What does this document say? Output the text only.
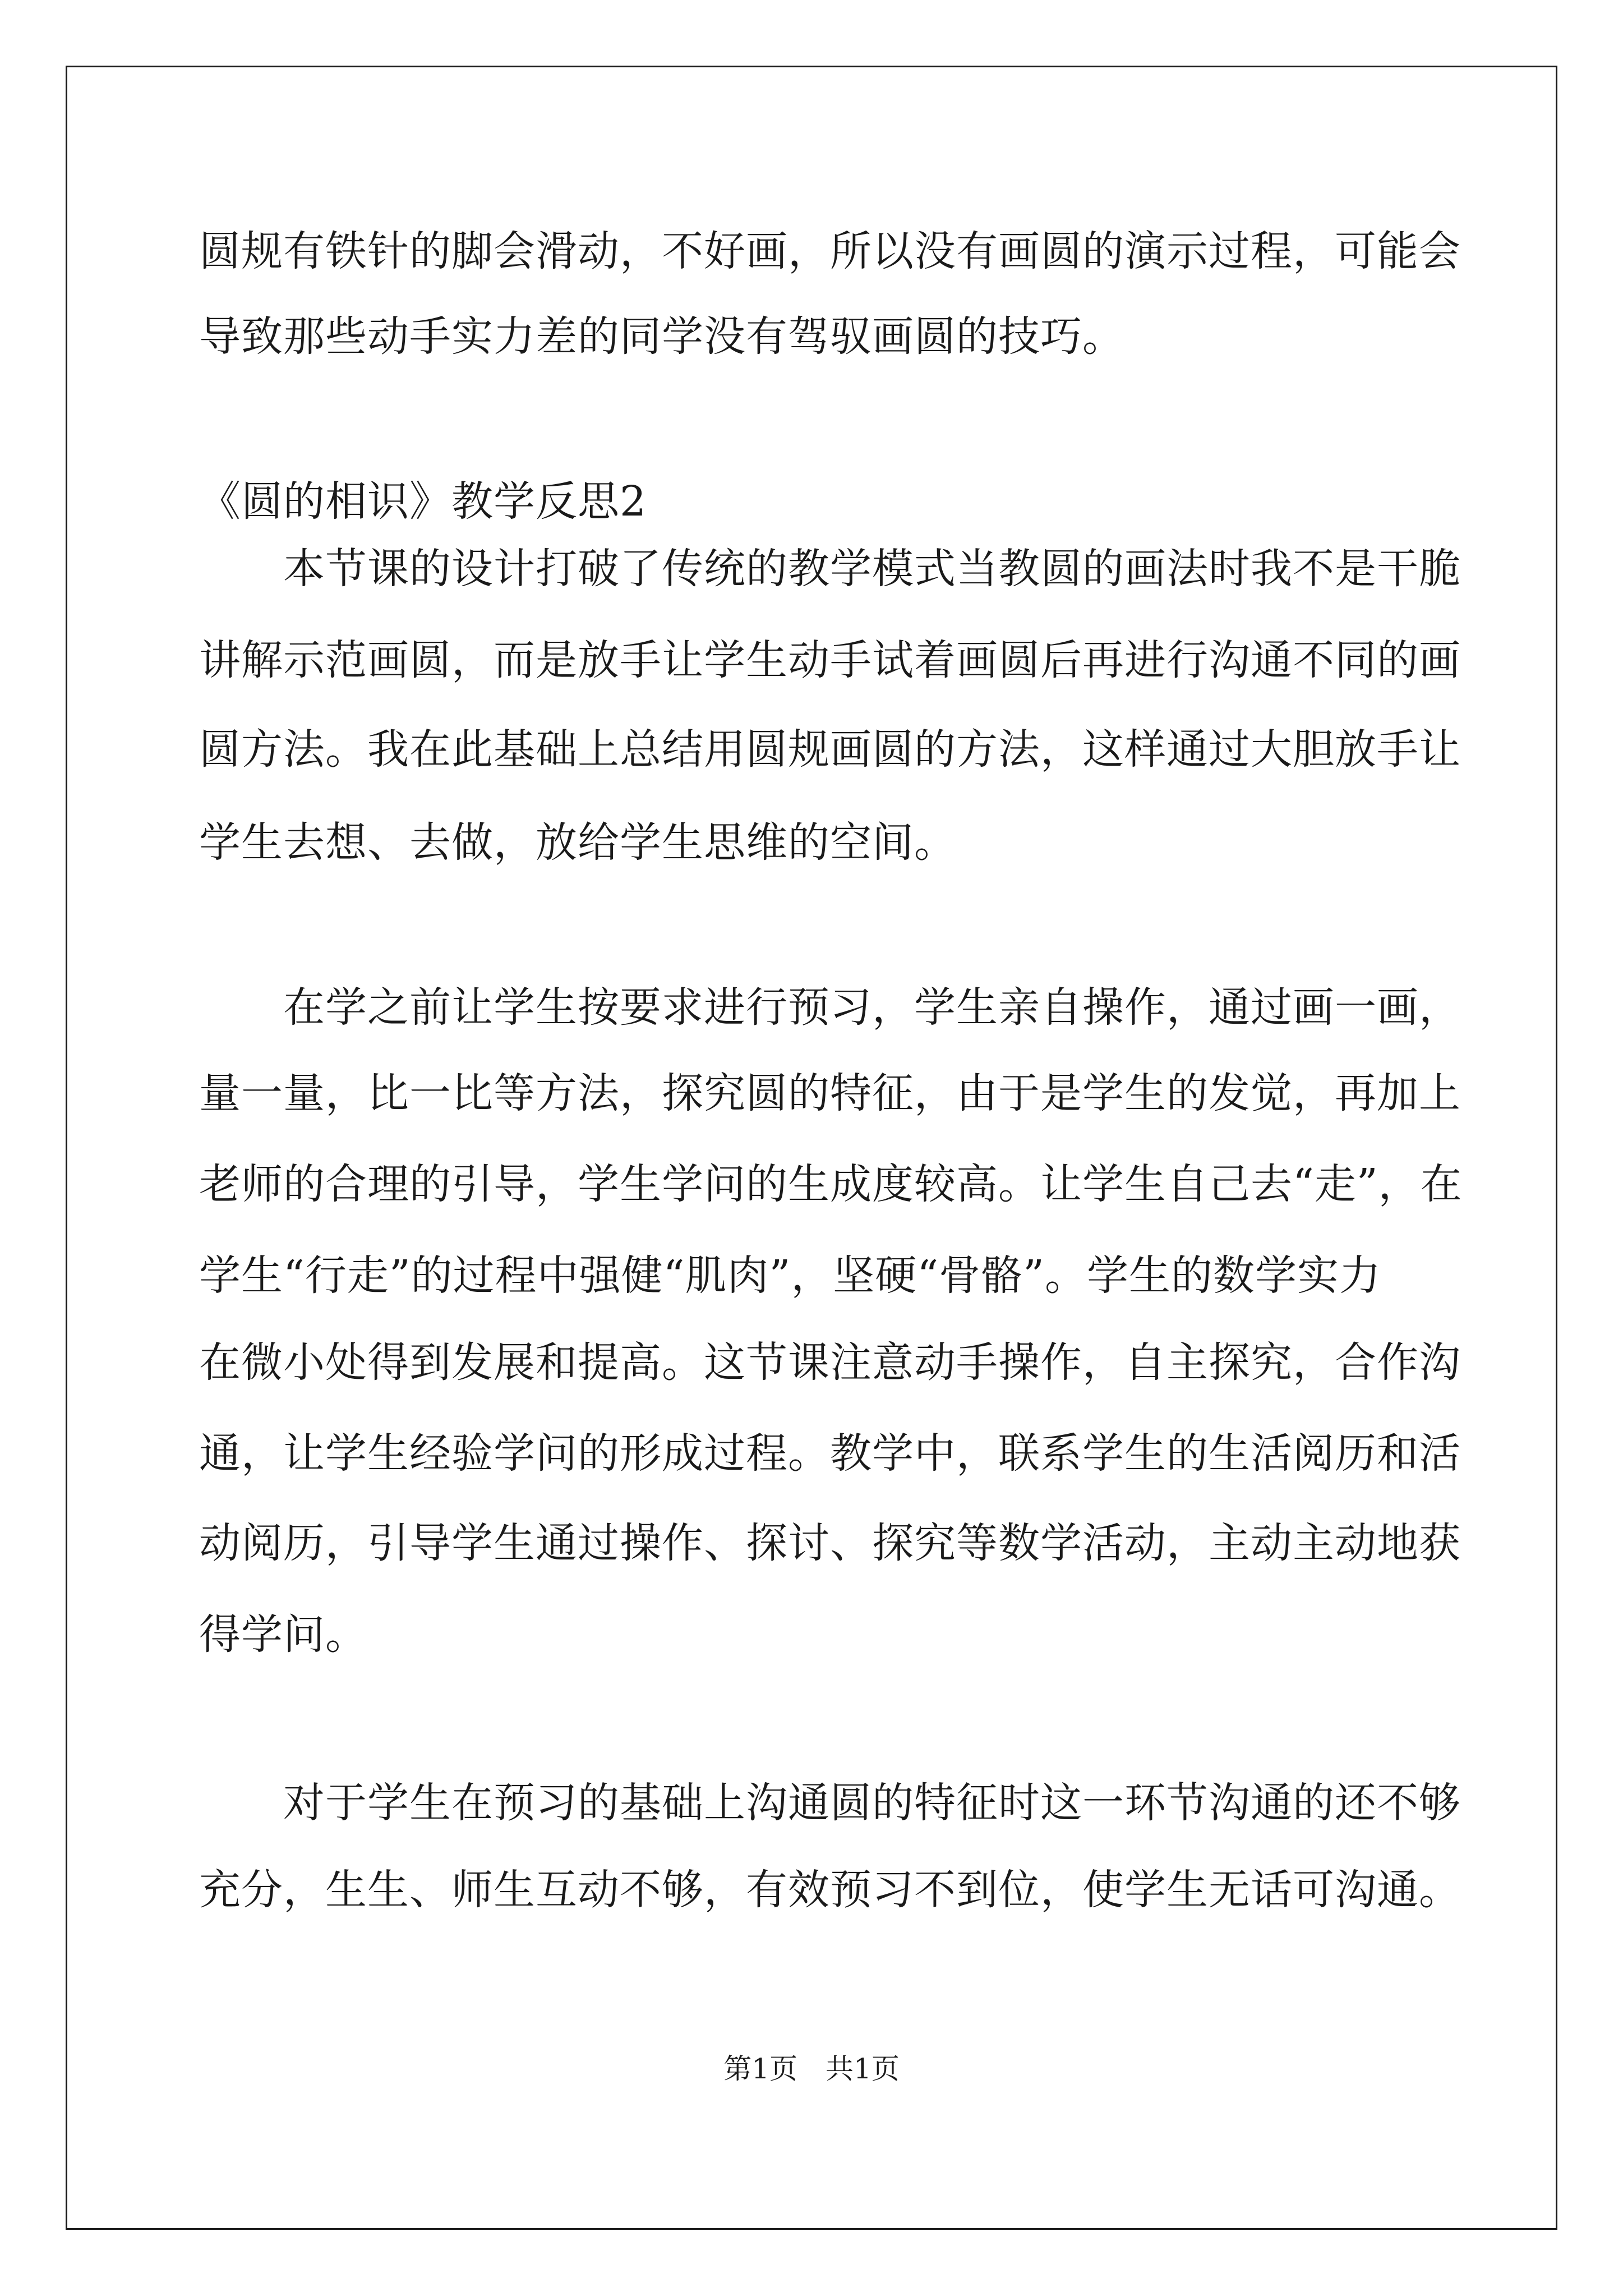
圆规有铁针的脚会滑动，不好画，所以没有画圆的演示过程，可能会
导致那些动手实力差的同学没有驾驭画圆的技巧。
《圆的相识》教学反思2
　　本节课的设计打破了传统的教学模式当教圆的画法时我不是干脆
讲解示范画圆，而是放手让学生动手试着画圆后再进行沟通不同的画
圆方法。我在此基础上总结用圆规画圆的方法，这样通过大胆放手让
学生去想、去做，放给学生思维的空间。
　　在学之前让学生按要求进行预习，学生亲自操作，通过画一画，
量一量，比一比等方法，探究圆的特征，由于是学生的发觉，再加上
老师的合理的引导，学生学问的生成度较高。让学生自己去“走”，在
学生“行走”的过程中强健“肌肉”，坚硬“骨骼”。学生的数学实力
在微小处得到发展和提高。这节课注意动手操作，自主探究，合作沟
通，让学生经验学问的形成过程。教学中，联系学生的生活阅历和活
动阅历，引导学生通过操作、探讨、探究等数学活动，主动主动地获
得学问。
　　对于学生在预习的基础上沟通圆的特征时这一环节沟通的还不够
充分，生生、师生互动不够，有效预习不到位，使学生无话可沟通。
第1页　共1页
